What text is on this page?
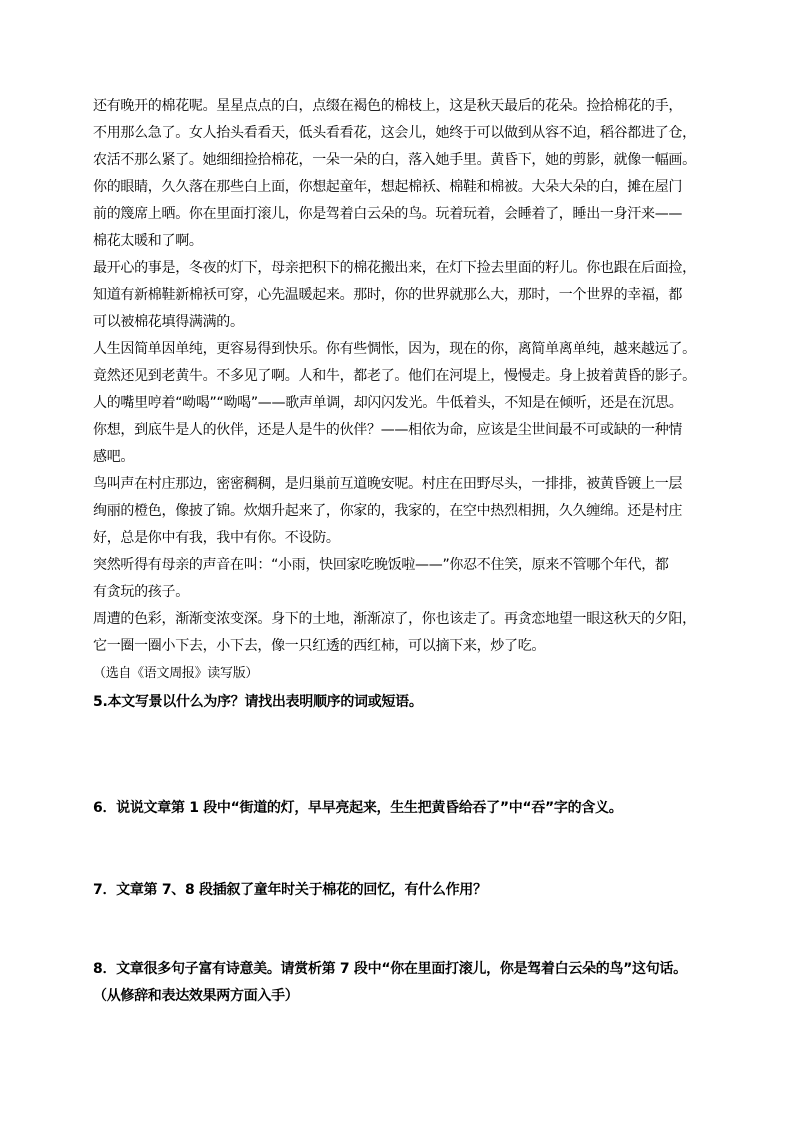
还有晚开的棉花呢。星星点点的白，点缀在褐色的棉枝上，这是秋天最后的花朵。捡拾棉花的手，
不用那么急了。女人抬头看看天，低头看看花，这会儿，她终于可以做到从容不迫，稻谷都进了仓，
农活不那么紧了。她细细捡拾棉花，一朵一朵的白，落入她手里。黄昏下，她的剪影，就像一幅画。
你的眼睛，久久落在那些白上面，你想起童年，想起棉袄、棉鞋和棉被。大朵大朵的白，摊在屋门
前的篾席上晒。你在里面打滚儿，你是驾着白云朵的鸟。玩着玩着，会睡着了，睡出一身汗来——
棉花太暖和了啊。
最开心的事是，冬夜的灯下，母亲把积下的棉花搬出来，在灯下捡去里面的籽儿。你也跟在后面捡，
知道有新棉鞋新棉袄可穿，心先温暖起来。那时，你的世界就那么大，那时，一个世界的幸福，都
可以被棉花填得满满的。
人生因简单因单纯，更容易得到快乐。你有些惆怅，因为，现在的你，离简单离单纯，越来越远了。
竟然还见到老黄牛。不多见了啊。人和牛，都老了。他们在河堤上，慢慢走。身上披着黄昏的影子。
人的嘴里哼着“呦喝”“呦喝”——歌声单调，却闪闪发光。牛低着头，不知是在倾听，还是在沉思。
你想，到底牛是人的伙伴，还是人是牛的伙伴？——相依为命，应该是尘世间最不可或缺的一种情
感吧。
鸟叫声在村庄那边，密密稠稠，是归巢前互道晚安呢。村庄在田野尽头，一排排，被黄昏镀上一层
绚丽的橙色，像披了锦。炊烟升起来了，你家的，我家的，在空中热烈相拥，久久缠绵。还是村庄
好，总是你中有我，我中有你。不设防。
突然听得有母亲的声音在叫：“小雨，快回家吃晚饭啦——”你忍不住笑，原来不管哪个年代，都
有贪玩的孩子。
周遭的色彩，渐渐变浓变深。身下的土地，渐渐凉了，你也该走了。再贪恋地望一眼这秋天的夕阳，
它一圈一圈小下去，小下去，像一只红透的西红柿，可以摘下来，炒了吃。
（选自《语文周报》读写版）
5.本文写景以什么为序？请找出表明顺序的词或短语。
6．说说文章第 1 段中“街道的灯，早早亮起来，生生把黄昏给吞了”中“吞”字的含义。
7．文章第 7、8 段插叙了童年时关于棉花的回忆，有什么作用？
8．文章很多句子富有诗意美。请赏析第 7 段中“你在里面打滚儿，你是驾着白云朵的鸟”这句话。
（从修辞和表达效果两方面入手）
